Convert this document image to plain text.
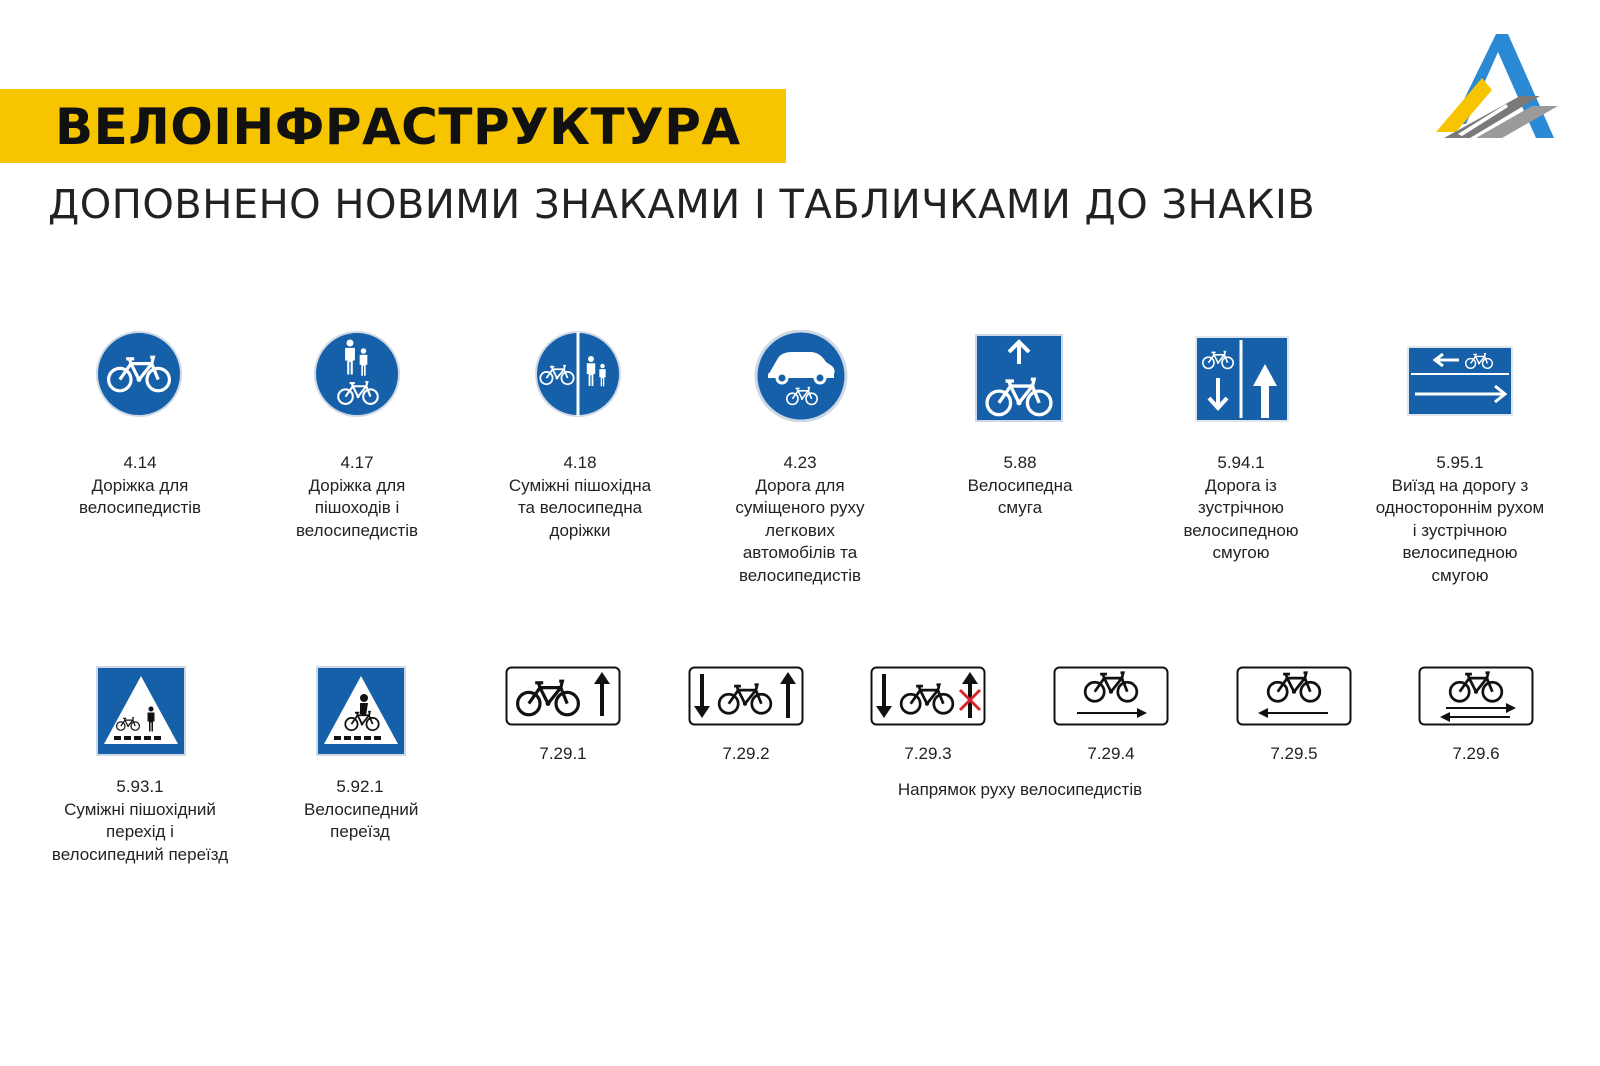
ВЕЛОІНФРАСТРУКТУРА
ДОПОВНЕНО НОВИМИ ЗНАКАМИ І ТАБЛИЧКАМИ ДО ЗНАКІВ
4.14
Доріжка для велосипедистів
4.17
Доріжка для пішоходів і велосипедистів
4.18
Суміжні пішохідна та велосипедна доріжки
4.23
Дорога для суміщеного руху легкових автомобілів та велосипедистів
5.88
Велосипедна смуга
5.94.1
Дорога із зустрічною велосипедною смугою
5.95.1
Виїзд на дорогу з одностороннім рухом і зустрічною велосипедною смугою
5.93.1
Суміжні пішохідний перехід і велосипедний переїзд
5.92.1
Велосипедний переїзд
7.29.1	7.29.2	7.29.3	7.29.4	7.29.5	7.29.6
Напрямок руху велосипедистів
